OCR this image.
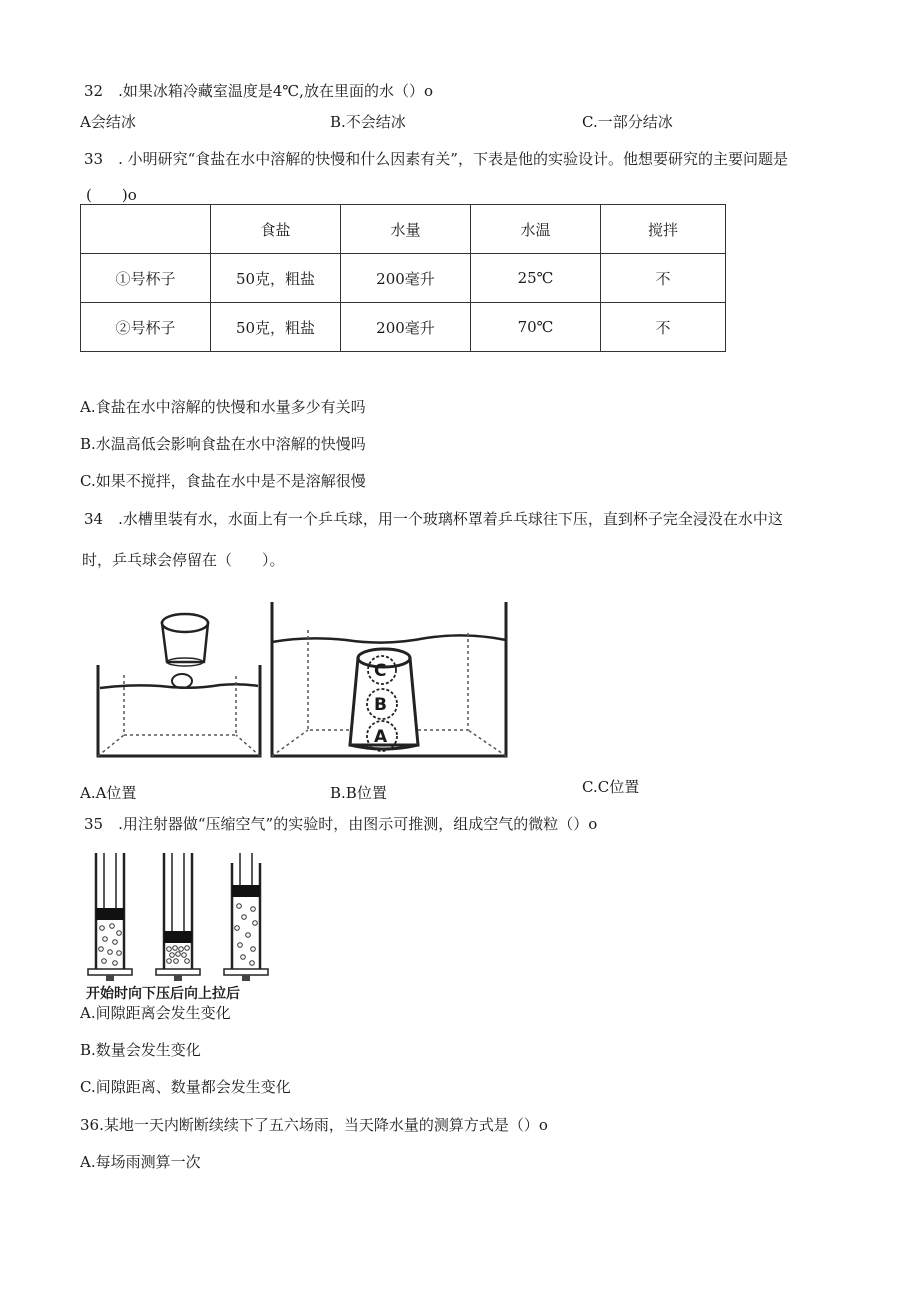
32　.如果冰箱冷藏室温度是4℃,放在里面的水（）o
A会结冰	B.不会结冰	C.一部分结冰
33　. 小明研究“食盐在水中溶解的快慢和什么因素有关”，下表是他的实验设计。他想要研究的主要问题是
(　　)o
	食盐	水量	水温	搅拌
①号杯子	50克，粗盐	200毫升	25℃	不
②号杯子	50克，粗盐	200毫升	70℃	不
A.食盐在水中溶解的快慢和水量多少有关吗
B.水温高低会影响食盐在水中溶解的快慢吗
C.如果不搅拌，食盐在水中是不是溶解很慢
34　.水槽里装有水，水面上有一个乒乓球，用一个玻璃杯罩着乒乓球往下压，直到杯子完全浸没在水中这
时，乒乓球会停留在（　　）。
C
B
A
A.A位置	B.B位置	C.C位置
35　.用注射器做“压缩空气”的实验时，由图示可推测，组成空气的微粒（）o
开始时向下压后向上拉后
A.间隙距离会发生变化
B.数量会发生变化
C.间隙距离、数量都会发生变化
36.某地一天内断断续续下了五六场雨，当天降水量的测算方式是（）o
A.每场雨测算一次
